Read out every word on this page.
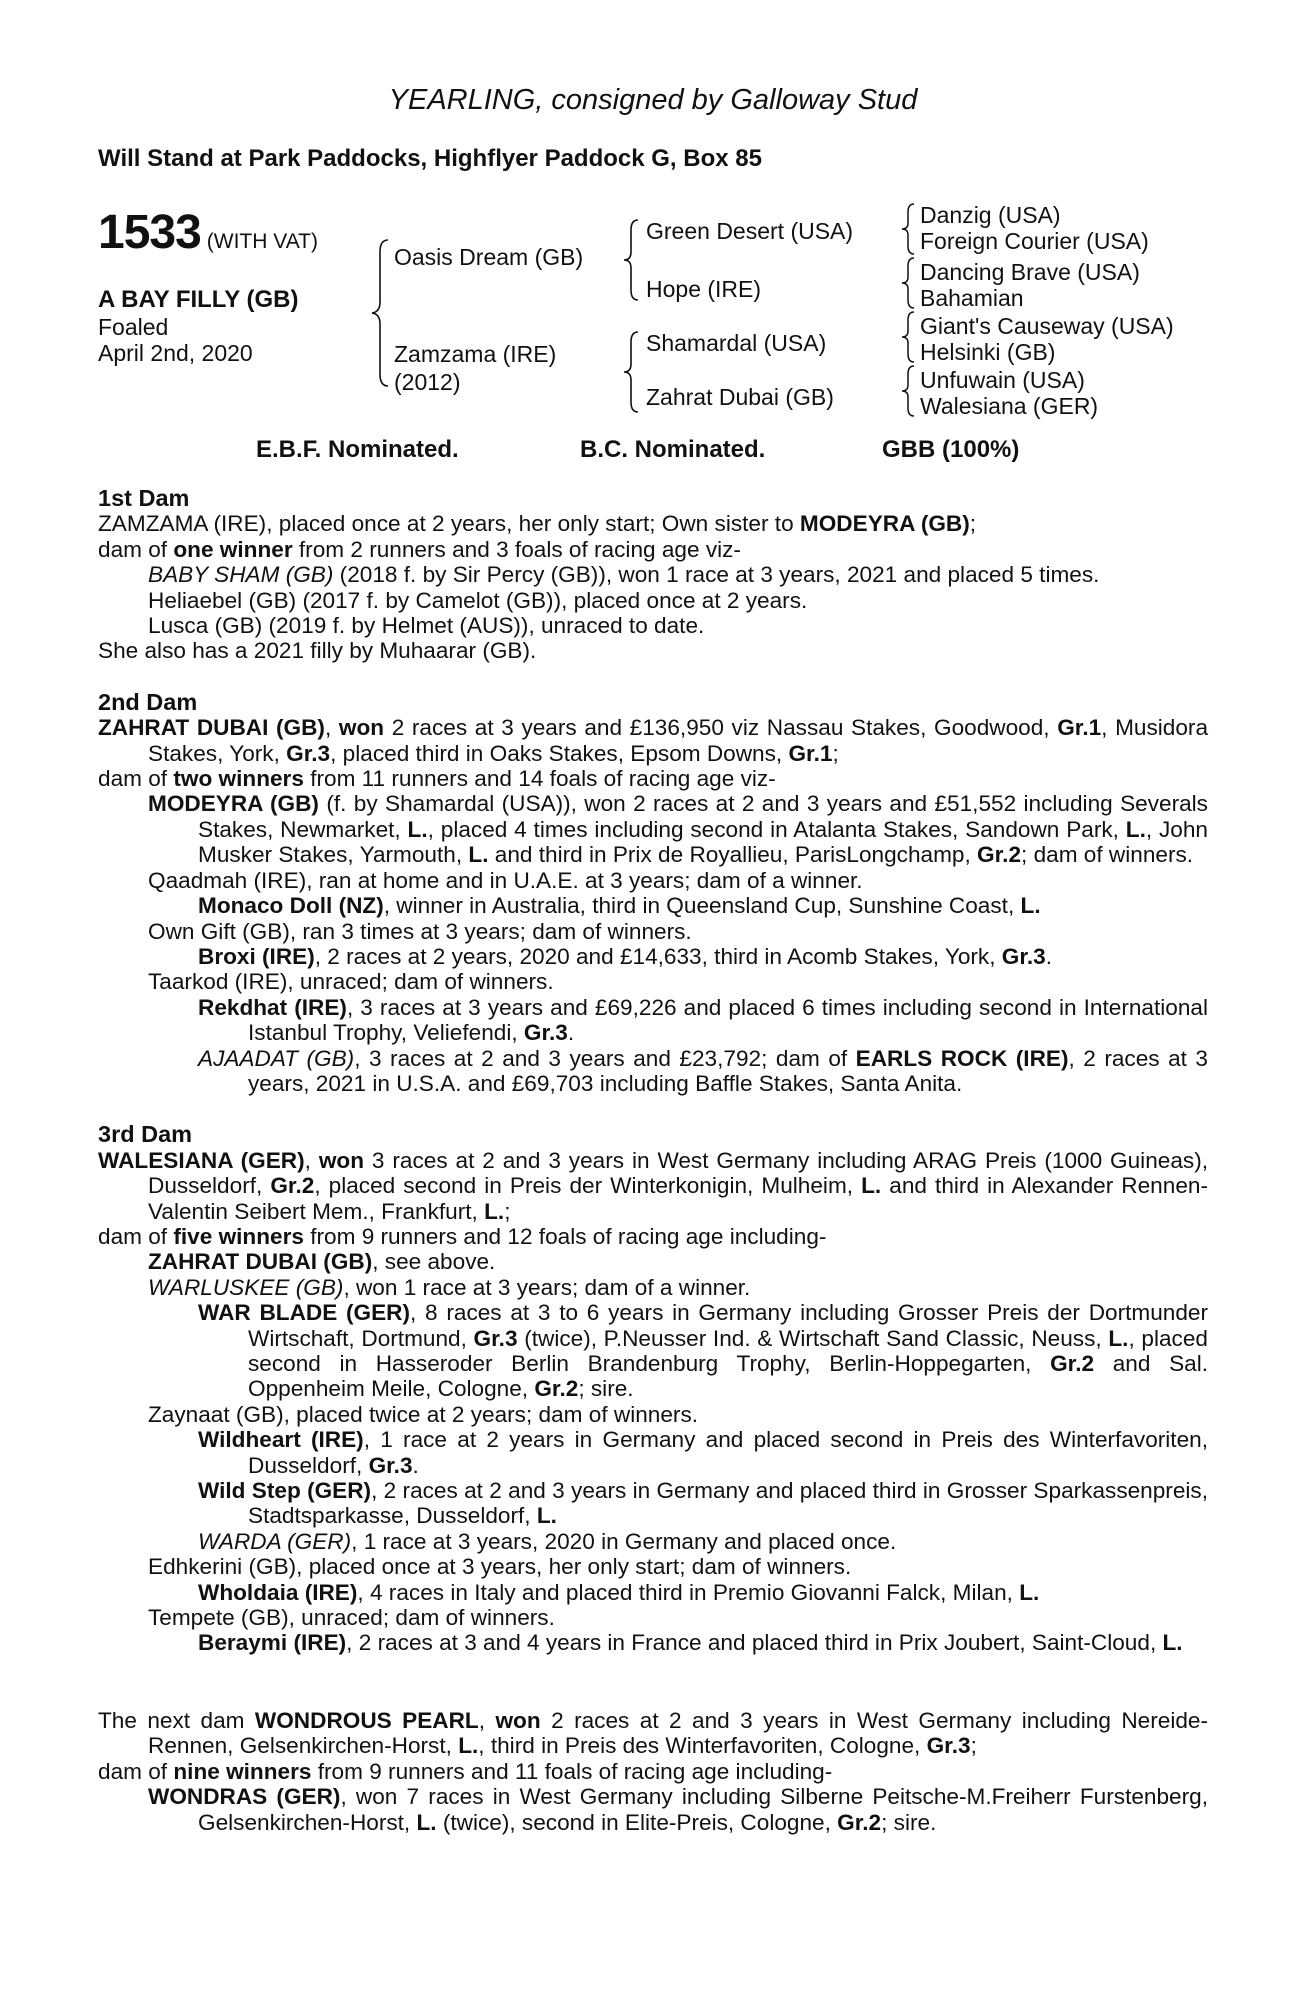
YEARLING, consigned by Galloway Stud
Will Stand at Park Paddocks, Highflyer Paddock G, Box 85
1533 (WITH VAT)
A BAY FILLY (GB)
Foaled
April 2nd, 2020
Oasis Dream (GB)
Zamzama (IRE)
(2012)
Green Desert (USA)
Hope (IRE)
Shamardal (USA)
Zahrat Dubai (GB)
Danzig (USA)
Foreign Courier (USA)
Dancing Brave (USA)
Bahamian
Giant's Causeway (USA)
Helsinki (GB)
Unfuwain (USA)
Walesiana (GER)
E.B.F. Nominated.	B.C. Nominated.	GBB (100%)
1st Dam
ZAMZAMA (IRE), placed once at 2 years, her only start; Own sister to MODEYRA (GB);
dam of one winner from 2 runners and 3 foals of racing age viz-
BABY SHAM (GB) (2018 f. by Sir Percy (GB)), won 1 race at 3 years, 2021 and placed 5 times.
Heliaebel (GB) (2017 f. by Camelot (GB)), placed once at 2 years.
Lusca (GB) (2019 f. by Helmet (AUS)), unraced to date.
She also has a 2021 filly by Muhaarar (GB).
2nd Dam
ZAHRAT DUBAI (GB), won 2 races at 3 years and £136,950 viz Nassau Stakes, Goodwood, Gr.1, Musidora Stakes, York, Gr.3, placed third in Oaks Stakes, Epsom Downs, Gr.1;
dam of two winners from 11 runners and 14 foals of racing age viz-
MODEYRA (GB) (f. by Shamardal (USA)), won 2 races at 2 and 3 years and £51,552 including Severals Stakes, Newmarket, L., placed 4 times including second in Atalanta Stakes, Sandown Park, L., John Musker Stakes, Yarmouth, L. and third in Prix de Royallieu, ParisLongchamp, Gr.2; dam of winners.
Qaadmah (IRE), ran at home and in U.A.E. at 3 years; dam of a winner.
Monaco Doll (NZ), winner in Australia, third in Queensland Cup, Sunshine Coast, L.
Own Gift (GB), ran 3 times at 3 years; dam of winners.
Broxi (IRE), 2 races at 2 years, 2020 and £14,633, third in Acomb Stakes, York, Gr.3.
Taarkod (IRE), unraced; dam of winners.
Rekdhat (IRE), 3 races at 3 years and £69,226 and placed 6 times including second in International Istanbul Trophy, Veliefendi, Gr.3.
AJAADAT (GB), 3 races at 2 and 3 years and £23,792; dam of EARLS ROCK (IRE), 2 races at 3 years, 2021 in U.S.A. and £69,703 including Baffle Stakes, Santa Anita.
3rd Dam
WALESIANA (GER), won 3 races at 2 and 3 years in West Germany including ARAG Preis (1000 Guineas), Dusseldorf, Gr.2, placed second in Preis der Winterkonigin, Mulheim, L. and third in Alexander Rennen-Valentin Seibert Mem., Frankfurt, L.;
dam of five winners from 9 runners and 12 foals of racing age including-
ZAHRAT DUBAI (GB), see above.
WARLUSKEE (GB), won 1 race at 3 years; dam of a winner.
WAR BLADE (GER), 8 races at 3 to 6 years in Germany including Grosser Preis der Dortmunder Wirtschaft, Dortmund, Gr.3 (twice), P.Neusser Ind. & Wirtschaft Sand Classic, Neuss, L., placed second in Hasseroder Berlin Brandenburg Trophy, Berlin-Hoppegarten, Gr.2 and Sal. Oppenheim Meile, Cologne, Gr.2; sire.
Zaynaat (GB), placed twice at 2 years; dam of winners.
Wildheart (IRE), 1 race at 2 years in Germany and placed second in Preis des Winterfavoriten, Dusseldorf, Gr.3.
Wild Step (GER), 2 races at 2 and 3 years in Germany and placed third in Grosser Sparkassenpreis, Stadtsparkasse, Dusseldorf, L.
WARDA (GER), 1 race at 3 years, 2020 in Germany and placed once.
Edhkerini (GB), placed once at 3 years, her only start; dam of winners.
Wholdaia (IRE), 4 races in Italy and placed third in Premio Giovanni Falck, Milan, L.
Tempete (GB), unraced; dam of winners.
Beraymi (IRE), 2 races at 3 and 4 years in France and placed third in Prix Joubert, Saint-Cloud, L.
The next dam WONDROUS PEARL, won 2 races at 2 and 3 years in West Germany including Nereide-Rennen, Gelsenkirchen-Horst, L., third in Preis des Winterfavoriten, Cologne, Gr.3;
dam of nine winners from 9 runners and 11 foals of racing age including-
WONDRAS (GER), won 7 races in West Germany including Silberne Peitsche-M.Freiherr Furstenberg, Gelsenkirchen-Horst, L. (twice), second in Elite-Preis, Cologne, Gr.2; sire.
